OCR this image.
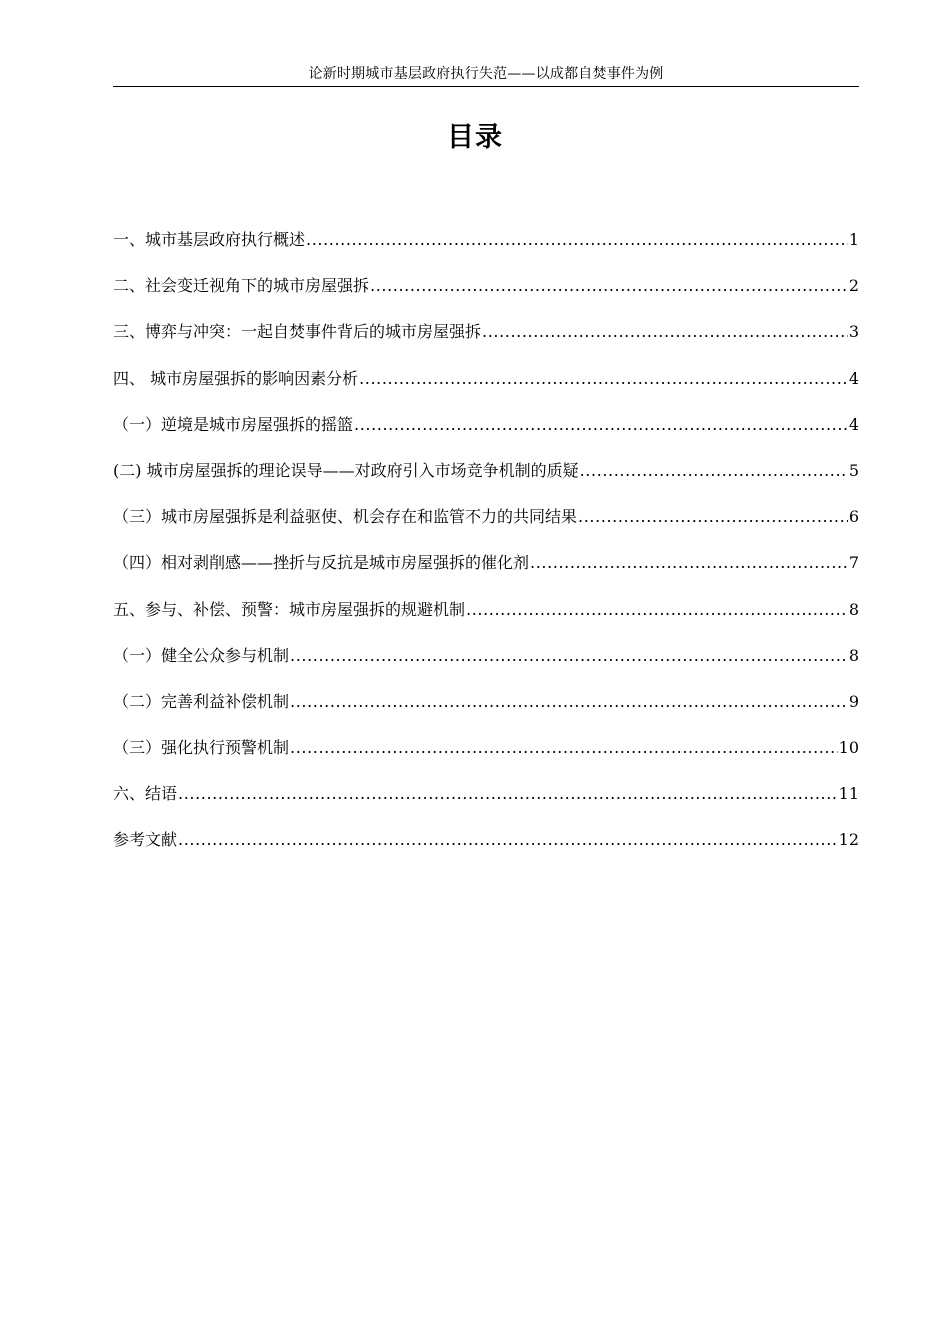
论新时期城市基层政府执行失范——以成都自焚事件为例
目录
一、城市基层政府执行概述 .....	1
二、社会变迁视角下的城市房屋强拆 .....	2
三、博弈与冲突：一起自焚事件背后的城市房屋强拆 .....	3
四、 城市房屋强拆的影响因素分析 .....	4
（一）逆境是城市房屋强拆的摇篮 .....	4
(二) 城市房屋强拆的理论误导——对政府引入市场竞争机制的质疑 .....	5
（三）城市房屋强拆是利益驱使、机会存在和监管不力的共同结果 .....	6
（四）相对剥削感——挫折与反抗是城市房屋强拆的催化剂 .....	7
五、参与、补偿、预警：城市房屋强拆的规避机制 .....	8
（一）健全公众参与机制 .....	8
（二）完善利益补偿机制 .....	9
（三）强化执行预警机制 .....	10
六、结语 .....	11
参考文献 .....	12
